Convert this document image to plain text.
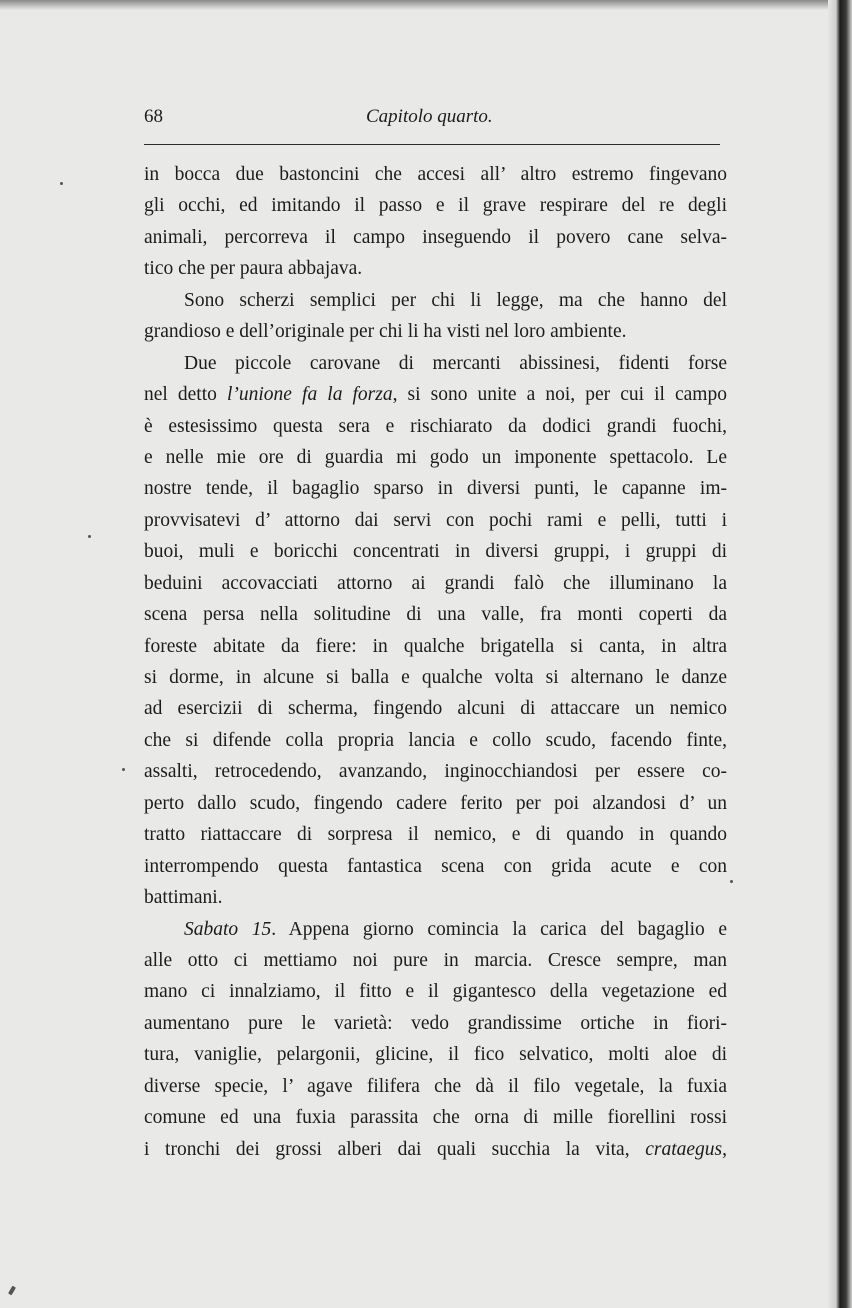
68	Capitolo quarto.
in bocca due bastoncini che accesi all’ altro estremo fingevano
gli occhi, ed imitando il passo e il grave respirare del re degli
animali, percorreva il campo inseguendo il povero cane selva-
tico che per paura abbajava.
Sono scherzi semplici per chi li legge, ma che hanno del
grandioso e dell’originale per chi li ha visti nel loro ambiente.
Due piccole carovane di mercanti abissinesi, fidenti forse
nel detto l’unione fa la forza, si sono unite a noi, per cui il campo
è estesissimo questa sera e rischiarato da dodici grandi fuochi,
e nelle mie ore di guardia mi godo un imponente spettacolo. Le
nostre tende, il bagaglio sparso in diversi punti, le capanne im-
provvisatevi d’ attorno dai servi con pochi rami e pelli, tutti i
buoi, muli e boricchi concentrati in diversi gruppi, i gruppi di
beduini accovacciati attorno ai grandi falò che illuminano la
scena persa nella solitudine di una valle, fra monti coperti da
foreste abitate da fiere: in qualche brigatella si canta, in altra
si dorme, in alcune si balla e qualche volta si alternano le danze
ad esercizii di scherma, fingendo alcuni di attaccare un nemico
che si difende colla propria lancia e collo scudo, facendo finte,
assalti, retrocedendo, avanzando, inginocchiandosi per essere co-
perto dallo scudo, fingendo cadere ferito per poi alzandosi d’ un
tratto riattaccare di sorpresa il nemico, e di quando in quando
interrompendo questa fantastica scena con grida acute e con
battimani.
Sabato 15. Appena giorno comincia la carica del bagaglio e
alle otto ci mettiamo noi pure in marcia. Cresce sempre, man
mano ci innalziamo, il fitto e il gigantesco della vegetazione ed
aumentano pure le varietà: vedo grandissime ortiche in fiori-
tura, vaniglie, pelargonii, glicine, il fico selvatico, molti aloe di
diverse specie, l’ agave filifera che dà il filo vegetale, la fuxia
comune ed una fuxia parassita che orna di mille fiorellini rossi
i tronchi dei grossi alberi dai quali succhia la vita, crataegus,
